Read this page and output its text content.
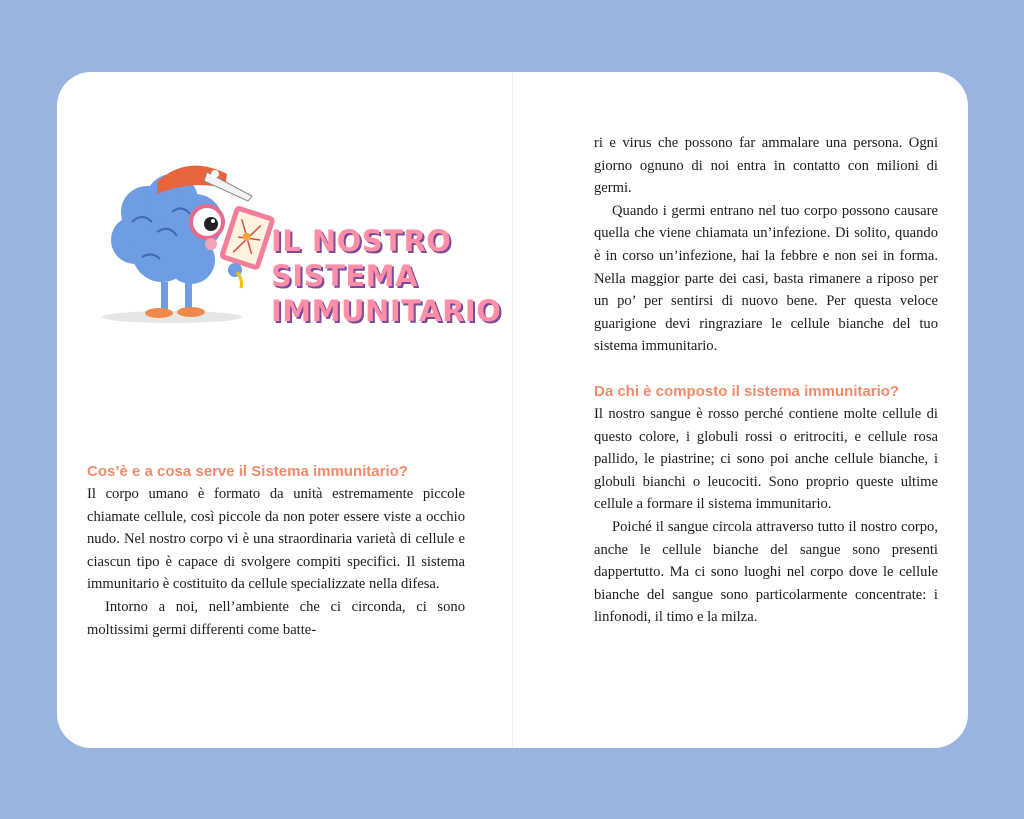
IL NOSTRO
SISTEMA
IMMUNITARIO
Cos’è e a cosa serve il Sistema immunitario?

Il corpo umano è formato da unità estremamente piccole chiamate cellule, così piccole da non poter essere viste a occhio nudo. Nel nostro corpo vi è una straordinaria varietà di cellule e ciascun tipo è capace di svolgere compiti specifici. Il sistema immunitario è costituito da cellule specializzate nella difesa.

Intorno a noi, nell’ambiente che ci circonda, ci sono moltissimi germi differenti come batte-

ri e virus che possono far ammalare una persona. Ogni giorno ognuno di noi entra in contatto con milioni di germi.

Quando i germi entrano nel tuo corpo possono causare quella che viene chiamata un’infezione. Di solito, quando è in corso un’infezione, hai la febbre e non sei in forma. Nella maggior parte dei casi, basta rimanere a riposo per un po’ per sentirsi di nuovo bene. Per questa veloce guarigione devi ringraziare le cellule bianche del tuo sistema immunitario.

Da chi è composto il sistema immunitario?

Il nostro sangue è rosso perché contiene molte cellule di questo colore, i globuli rossi o eritrociti, e cellule rosa pallido, le piastrine; ci sono poi anche cellule bianche, i globuli bianchi o leucociti. Sono proprio queste ultime cellule a formare il sistema immunitario.

Poiché il sangue circola attraverso tutto il nostro corpo, anche le cellule bianche del sangue sono presenti dappertutto. Ma ci sono luoghi nel corpo dove le cellule bianche del sangue sono particolarmente concentrate: i linfonodi, il timo e la milza.
